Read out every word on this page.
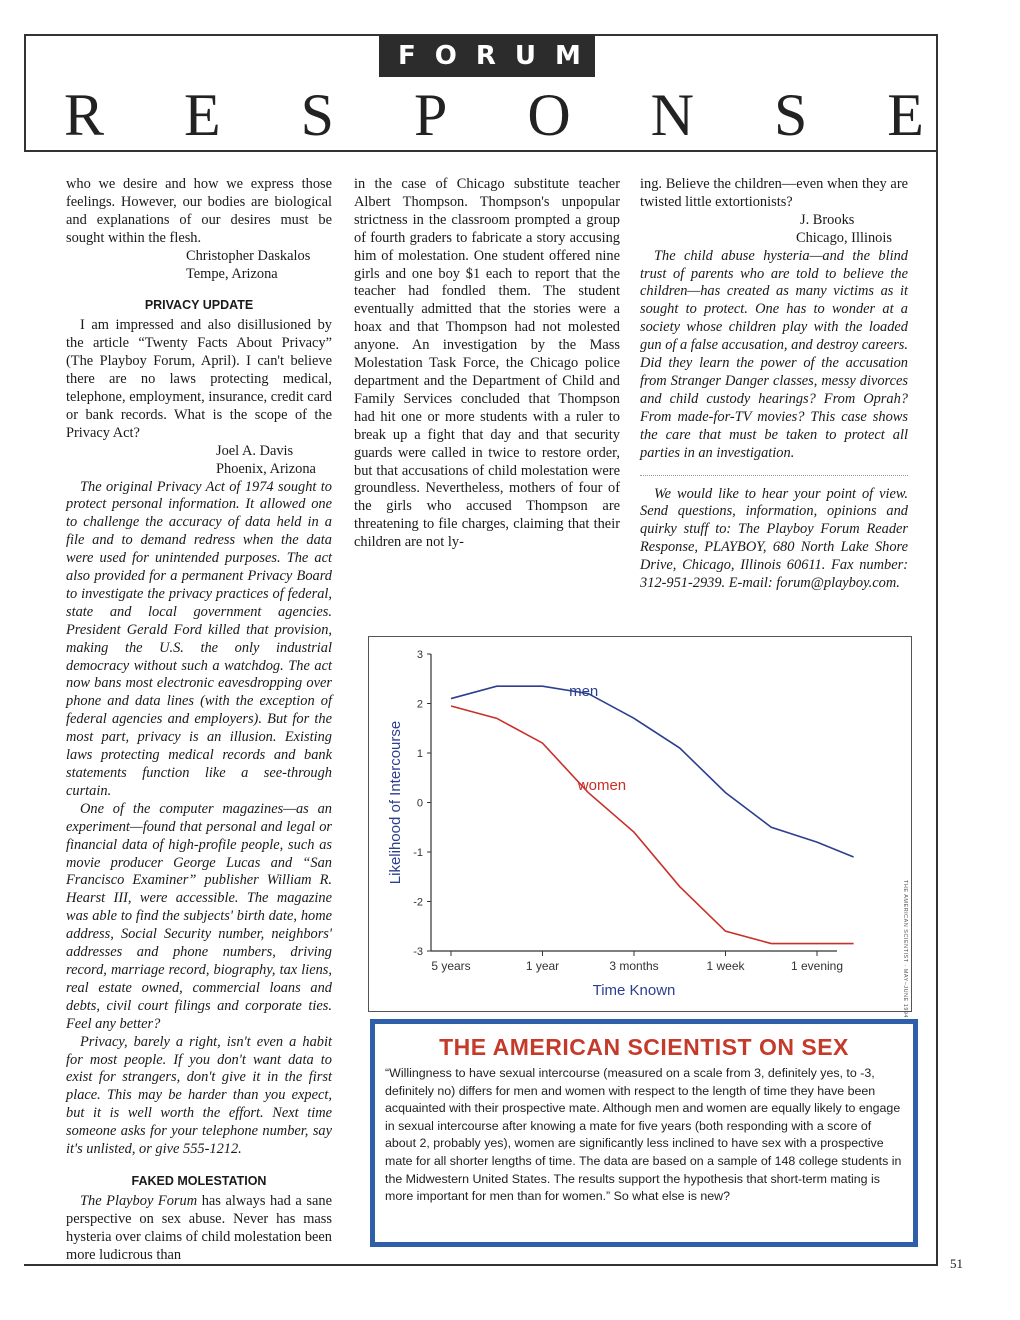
FORUM
R E S P O N S E

who we desire and how we express those feelings. However, our bodies are biological and explanations of our desires must be sought within the flesh.

Christopher Daskalos
Tempe, Arizona
PRIVACY UPDATE

I am impressed and also disillusioned by the article “Twenty Facts About Privacy” (The Playboy Forum, April). I can't believe there are no laws protecting medical, telephone, employment, insurance, credit card or bank records. What is the scope of the Privacy Act?

Joel A. Davis
Phoenix, Arizona

The original Privacy Act of 1974 sought to protect personal information. It allowed one to challenge the accuracy of data held in a file and to demand redress when the data were used for unintended purposes. The act also provided for a permanent Privacy Board to investigate the privacy practices of federal, state and local government agencies. President Gerald Ford killed that provision, making the U.S. the only industrial democracy without such a watchdog. The act now bans most electronic eavesdropping over phone and data lines (with the exception of federal agencies and employers). But for the most part, privacy is an illusion. Existing laws protecting medical records and bank statements function like a see-through curtain.

One of the computer magazines—as an experiment—found that personal and legal or financial data of high-profile people, such as movie producer George Lucas and “San Francisco Examiner” publisher William R. Hearst III, were accessible. The magazine was able to find the subjects' birth date, home address, Social Security number, neighbors' addresses and phone numbers, driving record, marriage record, biography, tax liens, real estate owned, commercial loans and debts, civil court filings and corporate ties. Feel any better?

Privacy, barely a right, isn't even a habit for most people. If you don't want data to exist for strangers, don't give it in the first place. This may be harder than you expect, but it is well worth the effort. Next time someone asks for your telephone number, say it's unlisted, or give 555-1212.

FAKED MOLESTATION

The Playboy Forum has always had a sane perspective on sex abuse. Never has mass hysteria over claims of child molestation been more ludicrous than

in the case of Chicago substitute teacher Albert Thompson. Thompson's unpopular strictness in the classroom prompted a group of fourth graders to fabricate a story accusing him of molestation. One student offered nine girls and one boy $1 each to report that the teacher had fondled them. The student eventually admitted that the stories were a hoax and that Thompson had not molested anyone. An investigation by the Mass Molestation Task Force, the Chicago police department and the Department of Child and Family Services concluded that Thompson had hit one or more students with a ruler to break up a fight that day and that security guards were called in twice to restore order, but that accusations of child molestation were groundless. Nevertheless, mothers of four of the girls who accused Thompson are threatening to file charges, claiming that their children are not ly-

ing. Believe the children—even when they are twisted little extortionists?

J. Brooks
Chicago, Illinois

The child abuse hysteria—and the blind trust of parents who are told to believe the children—has created as many victims as it sought to protect. One has to wonder at a society whose children play with the loaded gun of a false accusation, and destroy careers. Did they learn the power of the accusation from Stranger Danger classes, messy divorces and child custody hearings? From Oprah? From made-for-TV movies? This case shows the care that must be taken to protect all parties in an investigation.

We would like to hear your point of view. Send questions, information, opinions and quirky stuff to: The Playboy Forum Reader Response, PLAYBOY, 680 North Lake Shore Drive, Chicago, Illinois 60611. Fax number: 312-951-2939. E-mail: forum@playboy.com.

3
2
1
0
-1
-2
-3
5 years	1 year	3 months	1 week	1 evening
Likelihood of Intercourse
Time Known
men
women
THE AMERICAN SCIENTIST ON SEX

“Willingness to have sexual intercourse (measured on a scale from 3, definitely yes, to -3, definitely no) differs for men and women with respect to the length of time they have been acquainted with their prospective mate. Although men and women are equally likely to engage in sexual intercourse after knowing a mate for five years (both responding with a score of about 2, probably yes), women are significantly less inclined to have sex with a prospective mate for all shorter lengths of time. The data are based on a sample of 148 college students in the Midwestern United States. The results support the hypothesis that short-term mating is more important for men than for women.” So what else is new?

THE AMERICAN SCIENTIST · MAY–JUNE 1994
51
